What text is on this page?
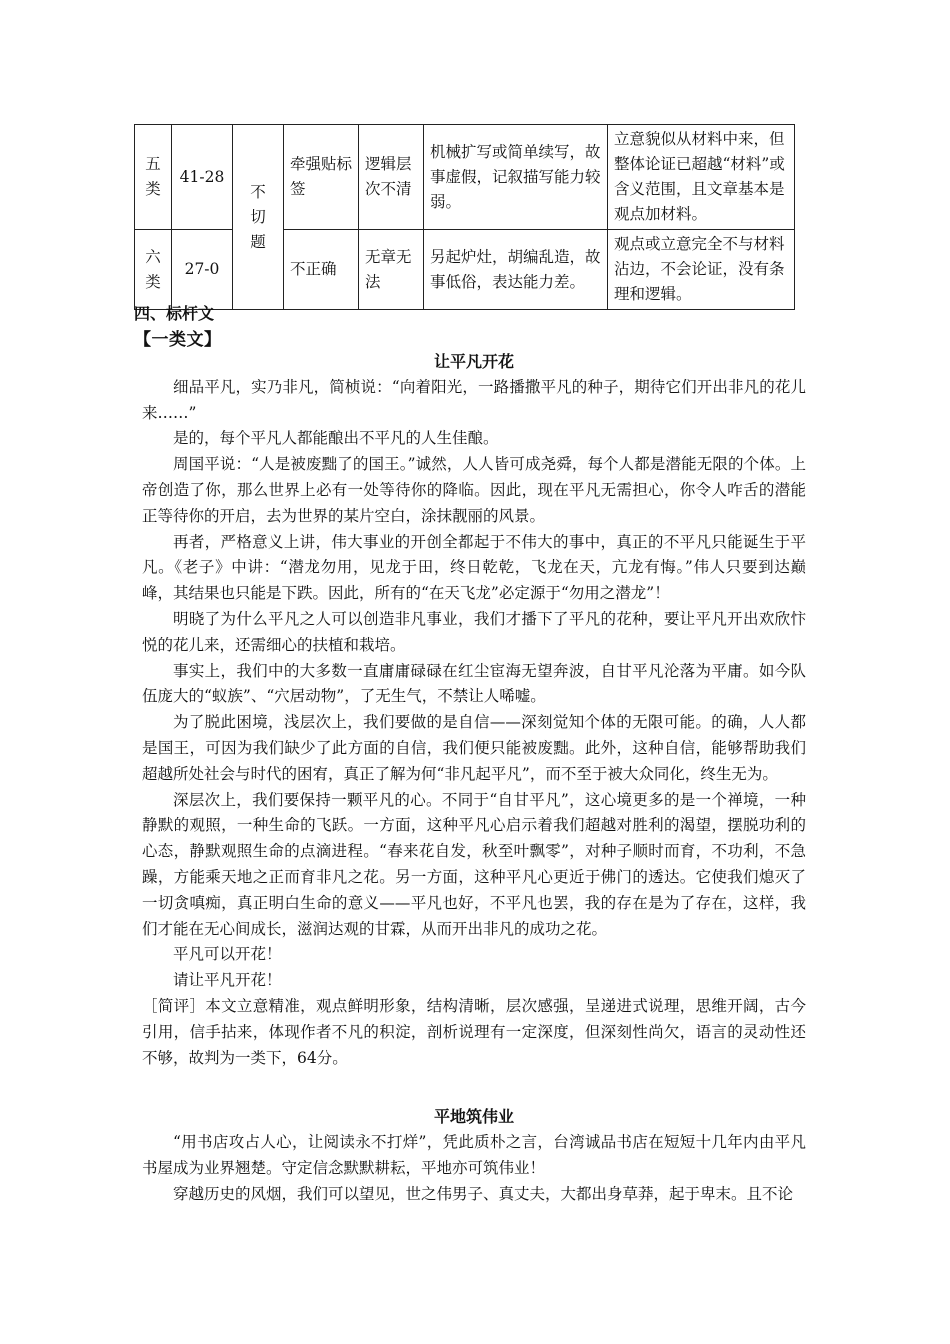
五类	41-28	不切题	牵强贴标签	逻辑层次不清	机械扩写或简单续写，故事虚假，记叙描写能力较弱。	立意貌似从材料中来，但整体论证已超越“材料”或含义范围，且文章基本是观点加材料。
六类	27-0		不正确	无章无法	另起炉灶，胡编乱造，故事低俗，表达能力差。	观点或立意完全不与材料沾边，不会论证，没有条理和逻辑。
四、标杆文
【一类文】
让平凡开花

细品平凡，实乃非凡，简桢说：“向着阳光，一路播撒平凡的种子，期待它们开出非凡的花儿来……”

是的，每个平凡人都能酿出不平凡的人生佳酿。

周国平说：“人是被废黜了的国王。”诚然，人人皆可成尧舜，每个人都是潜能无限的个体。上帝创造了你，那么世界上必有一处等待你的降临。因此，现在平凡无需担心，你令人咋舌的潜能正等待你的开启，去为世界的某片空白，涂抹靓丽的风景。

再者，严格意义上讲，伟大事业的开创全都起于不伟大的事中，真正的不平凡只能诞生于平凡。《老子》中讲：“潜龙勿用，见龙于田，终日乾乾，飞龙在天，亢龙有悔。”伟人只要到达巅峰，其结果也只能是下跌。因此，所有的“在天飞龙”必定源于“勿用之潜龙”！

明晓了为什么平凡之人可以创造非凡事业，我们才播下了平凡的花种，要让平凡开出欢欣忭悦的花儿来，还需细心的扶植和栽培。

事实上，我们中的大多数一直庸庸碌碌在红尘宦海无望奔波，自甘平凡沦落为平庸。如今队伍庞大的“蚁族”、“穴居动物”，了无生气，不禁让人唏嘘。

为了脱此困境，浅层次上，我们要做的是自信——深刻觉知个体的无限可能。的确，人人都是国王，可因为我们缺少了此方面的自信，我们便只能被废黜。此外，这种自信，能够帮助我们超越所处社会与时代的困宥，真正了解为何“非凡起平凡”，而不至于被大众同化，终生无为。

深层次上，我们要保持一颗平凡的心。不同于“自甘平凡”，这心境更多的是一个禅境，一种静默的观照，一种生命的飞跃。一方面，这种平凡心启示着我们超越对胜利的渴望，摆脱功利的心态，静默观照生命的点滴进程。“春来花自发，秋至叶飘零”，对种子顺时而育，不功利，不急躁，方能乘天地之正而育非凡之花。另一方面，这种平凡心更近于佛门的透达。它使我们熄灭了一切贪嗔痴，真正明白生命的意义——平凡也好，不平凡也罢，我的存在是为了存在，这样，我们才能在无心间成长，滋润达观的甘霖，从而开出非凡的成功之花。

平凡可以开花！

请让平凡开花！

［简评］本文立意精准，观点鲜明形象，结构清晰，层次感强，呈递进式说理，思维开阔，古今引用，信手拈来，体现作者不凡的积淀，剖析说理有一定深度，但深刻性尚欠，语言的灵动性还不够，故判为一类下，64分。

平地筑伟业

“用书店攻占人心，让阅读永不打烊”，凭此质朴之言，台湾诚品书店在短短十几年内由平凡书屋成为业界翘楚。守定信念默默耕耘，平地亦可筑伟业！

穿越历史的风烟，我们可以望见，世之伟男子、真丈夫，大都出身草莽，起于卑末。且不论
